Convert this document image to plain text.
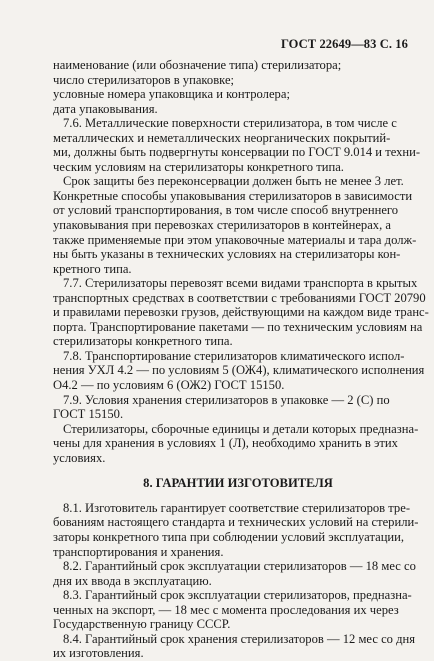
ГОСТ 22649—83 С. 16
наименование (или обозначение типа) стерилизатора;
число стерилизаторов в упаковке;
условные номера упаковщика и контролера;
дата упаковывания.
7.6. Металлические поверхности стерилизатора, в том числе с
металлических и неметаллических неорганических покрытий-
ми, должны быть подвергнуты консервации по ГОСТ 9.014 и техни-
ческим условиям на стерилизаторы конкретного типа.
Срок защиты без переконсервации должен быть не менее 3 лет.
Конкретные способы упаковывания стерилизаторов в зависимости
от условий транспортирования, в том числе способ внутреннего
упаковывания при перевозках стерилизаторов в контейнерах, а
также применяемые при этом упаковочные материалы и тара долж-
ны быть указаны в технических условиях на стерилизаторы кон-
кретного типа.
7.7. Стерилизаторы перевозят всеми видами транспорта в крытых
транспортных средствах в соответствии с требованиями ГОСТ 20790
и правилами перевозки грузов, действующими на каждом виде транс-
порта. Транспортирование пакетами — по техническим условиям на
стерилизаторы конкретного типа.
7.8. Транспортирование стерилизаторов климатического испол-
нения УХЛ 4.2 — по условиям 5 (ОЖ4), климатического исполнения
О4.2 — по условиям 6 (ОЖ2) ГОСТ 15150.
7.9. Условия хранения стерилизаторов в упаковке — 2 (С) по
ГОСТ 15150.
Стерилизаторы, сборочные единицы и детали которых предназна-
чены для хранения в условиях 1 (Л), необходимо хранить в этих
условиях.
8. ГАРАНТИИ ИЗГОТОВИТЕЛЯ
8.1. Изготовитель гарантирует соответствие стерилизаторов тре-
бованиям настоящего стандарта и технических условий на стерили-
заторы конкретного типа при соблюдении условий эксплуатации,
транспортирования и хранения.
8.2. Гарантийный срок эксплуатации стерилизаторов — 18 мес со
дня их ввода в эксплуатацию.
8.3. Гарантийный срок эксплуатации стерилизаторов, предназна-
ченных на экспорт, — 18 мес с момента проследования их через
Государственную границу СССР.
8.4. Гарантийный срок хранения стерилизаторов — 12 мес со дня
их изготовления.
